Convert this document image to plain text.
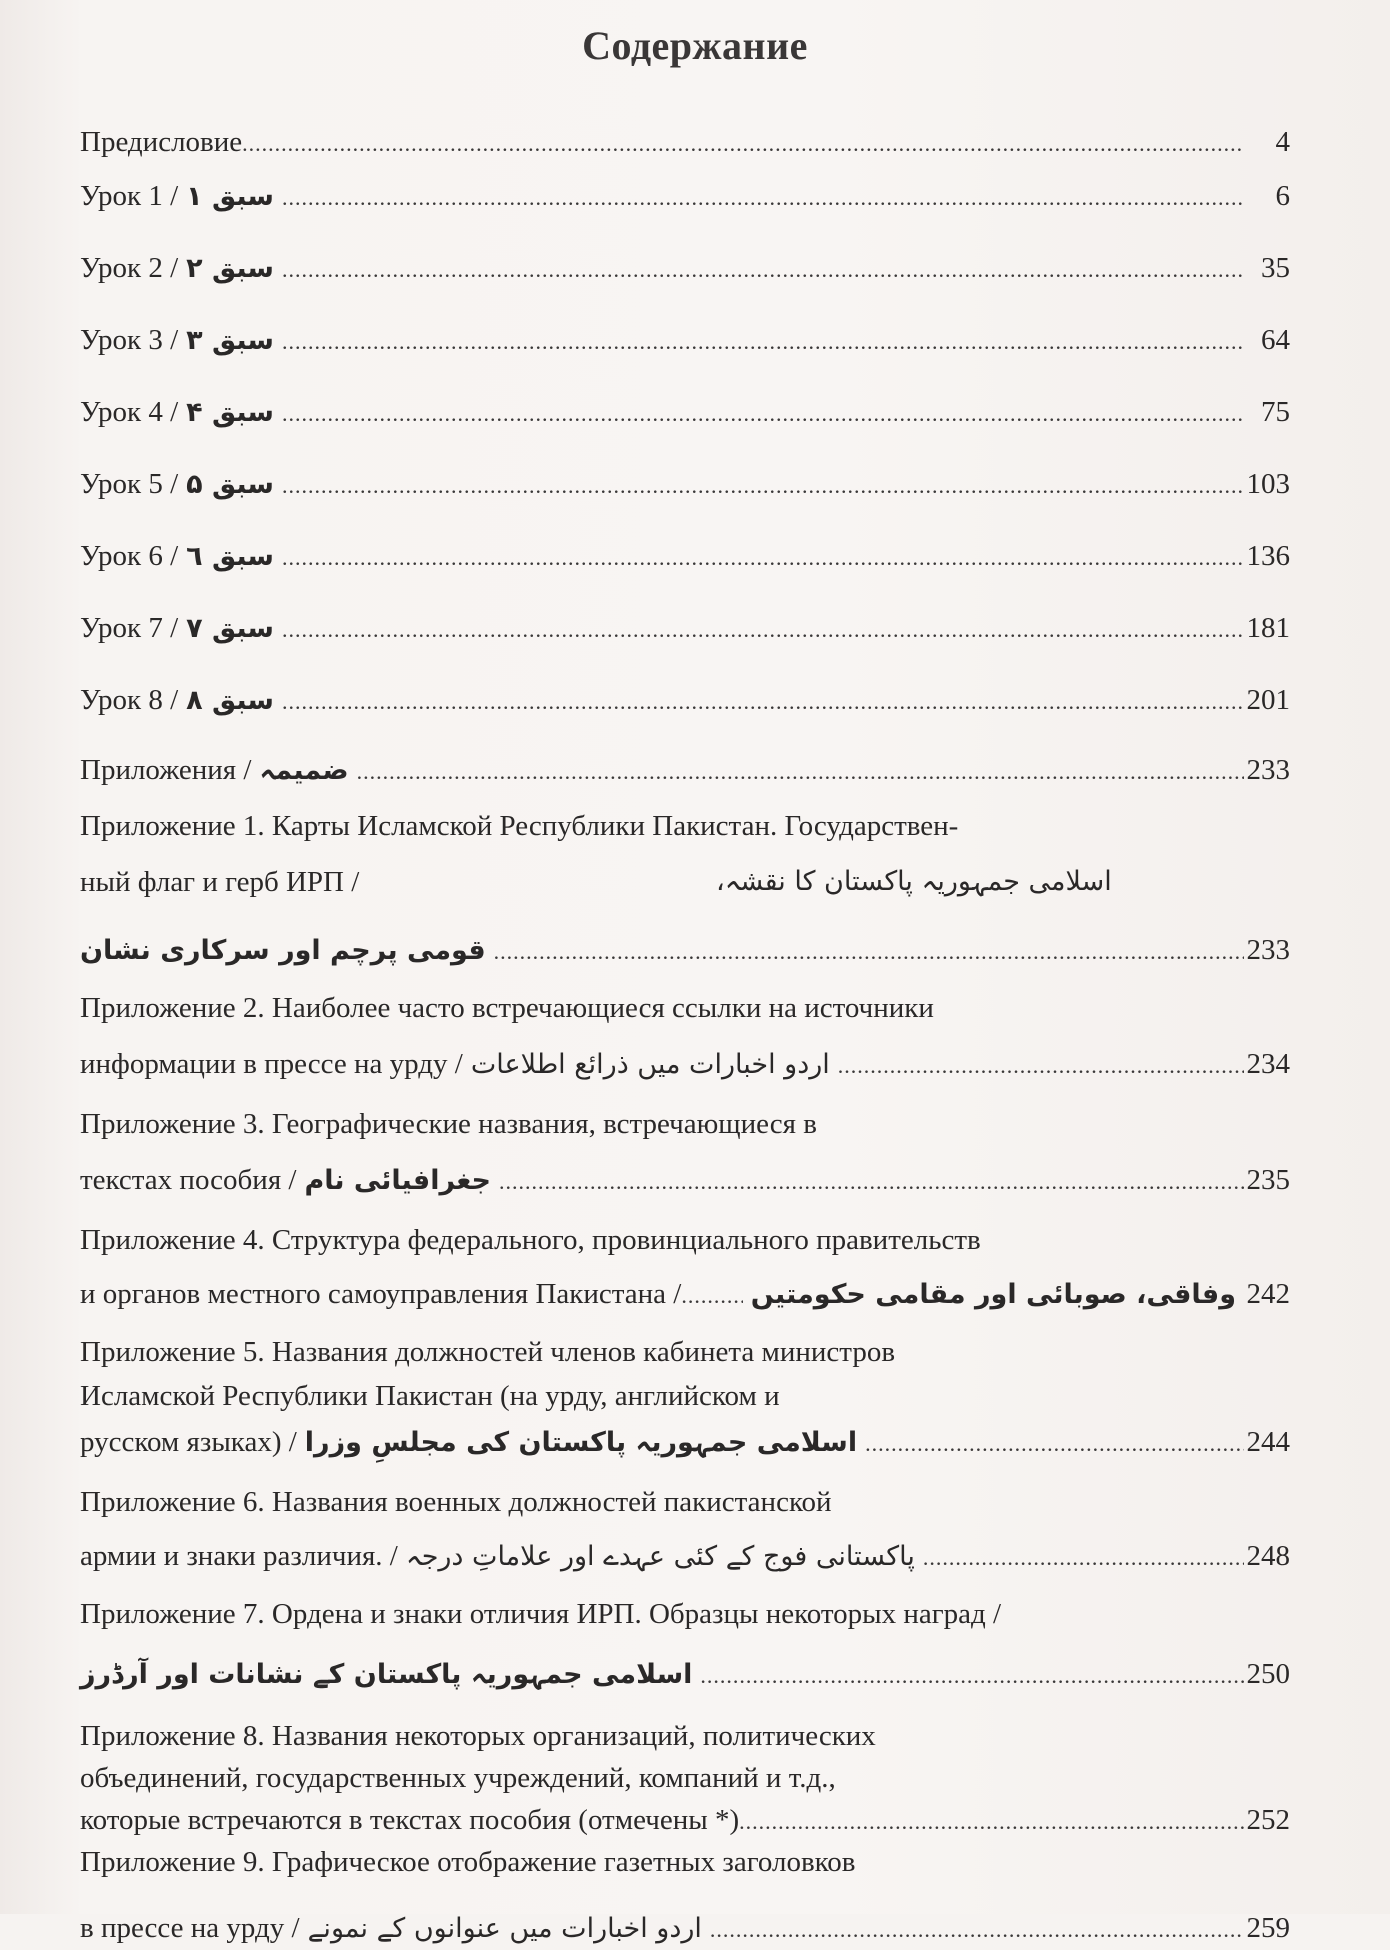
Содержание
Предисловие .....	4
Урок 1 / سبق ۱ .....	6
Урок 2 / سبق ۲ .....	35
Урок 3 / سبق ۳ .....	64
Урок 4 / سبق ۴ .....	75
Урок 5 / سبق ۵ .....	103
Урок 6 / سبق ٦ .....	136
Урок 7 / سبق ۷ .....	181
Урок 8 / سبق ۸ .....	201
Приложения / ضمیمہ .....	233
Приложение 1. Карты Исламской Республики Пакистан. Государствен-
ный флаг и герб ИРП /	اسلامی جمہوریہ پاکستان کا نقشہ،
قومی پرچم اور سرکاری نشان .....	233
Приложение 2. Наиболее часто встречающиеся ссылки на источники
информации в прессе на урду / اردو اخبارات میں ذرائع اطلاعات .....	234
Приложение 3. Географические названия, встречающиеся в
текстах пособия / جغرافیائی نام .....	235
Приложение 4. Структура федерального, провинциального правительств
и органов местного самоуправления Пакистана / .....	وفاقی، صوبائی اور مقامی حکومتیں 242
Приложение 5. Названия должностей членов кабинета министров
Исламской Республики Пакистан (на урду, английском и
русском языках) / اسلامی جمہوریہ پاکستان کی مجلسِ وزرا .....	244
Приложение 6. Названия военных должностей пакистанской
армии и знаки различия. / پاکستانی فوج کے کئی عہدے اور علاماتِ درجہ .....	248
Приложение 7. Ордена и знаки отличия ИРП. Образцы некоторых наград /
اسلامی جمہوریہ پاکستان کے نشانات اور آرڈرز .....	250
Приложение 8. Названия некоторых организаций, политических
объединений, государственных учреждений, компаний и т.д.,
которые встречаются в текстах пособия (отмечены *) .....	252
Приложение 9. Графическое отображение газетных заголовков
в прессе на урду / اردو اخبارات میں عنوانوں کے نمونے .....	259
